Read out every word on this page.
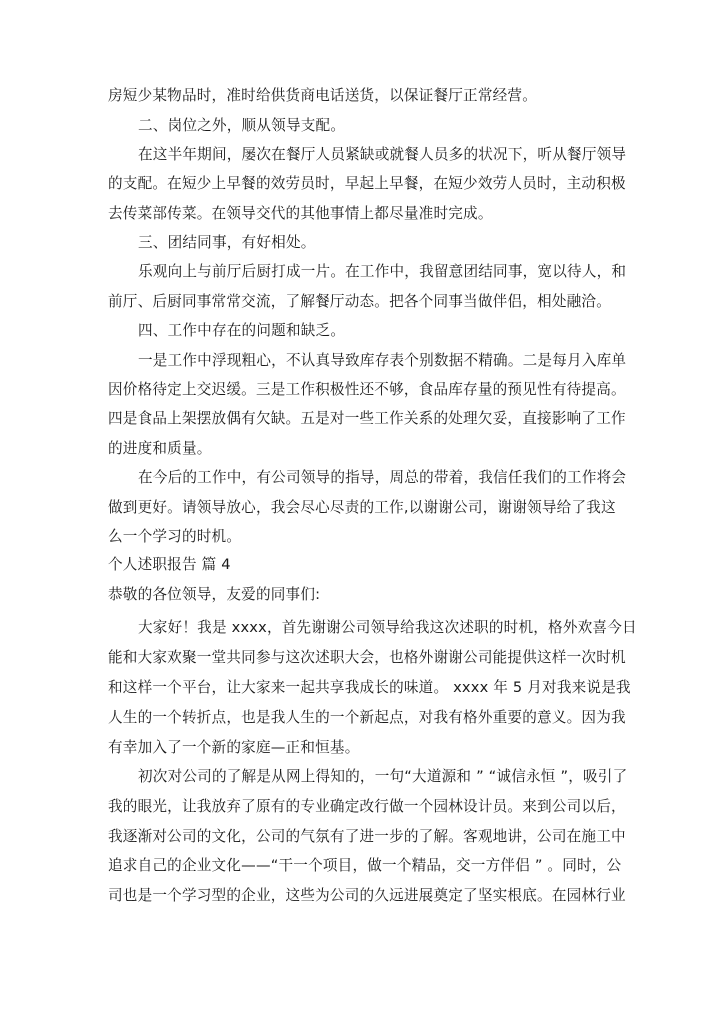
房短少某物品时，准时给供货商电话送货，以保证餐厅正常经营。
二、岗位之外，顺从领导支配。
在这半年期间，屡次在餐厅人员紧缺或就餐人员多的状况下，听从餐厅领导
的支配。在短少上早餐的效劳员时，早起上早餐，在短少效劳人员时，主动积极
去传菜部传菜。在领导交代的其他事情上都尽量准时完成。
三、团结同事，有好相处。
乐观向上与前厅后厨打成一片。在工作中，我留意团结同事，宽以待人，和
前厅、后厨同事常常交流，了解餐厅动态。把各个同事当做伴侣，相处融洽。
四、工作中存在的问题和缺乏。
一是工作中浮现粗心，不认真导致库存表个别数据不精确。二是每月入库单
因价格待定上交迟缓。三是工作积极性还不够，食品库存量的预见性有待提高。
四是食品上架摆放偶有欠缺。五是对一些工作关系的处理欠妥，直接影响了工作
的进度和质量。
在今后的工作中，有公司领导的指导，周总的带着，我信任我们的工作将会
做到更好。请领导放心，我会尽心尽责的工作,以谢谢公司，谢谢领导给了我这
么一个学习的时机。
个人述职报告 篇 4
恭敬的各位领导，友爱的同事们:
大家好！我是 xxxx，首先谢谢公司领导给我这次述职的时机，格外欢喜今日
能和大家欢聚一堂共同参与这次述职大会，也格外谢谢公司能提供这样一次时机
和这样一个平台，让大家来一起共享我成长的味道。 xxxx 年 5 月对我来说是我
人生的一个转折点，也是我人生的一个新起点，对我有格外重要的意义。因为我
有幸加入了一个新的家庭—正和恒基。
初次对公司的了解是从网上得知的，一句“大道源和 ” “诚信永恒 ”，吸引了
我的眼光，让我放弃了原有的专业确定改行做一个园林设计员。来到公司以后，
我逐渐对公司的文化，公司的气氛有了进一步的了解。客观地讲，公司在施工中
追求自己的企业文化——“干一个项目，做一个精品，交一方伴侣 ” 。同时，公
司也是一个学习型的企业，这些为公司的久远进展奠定了坚实根底。在园林行业
